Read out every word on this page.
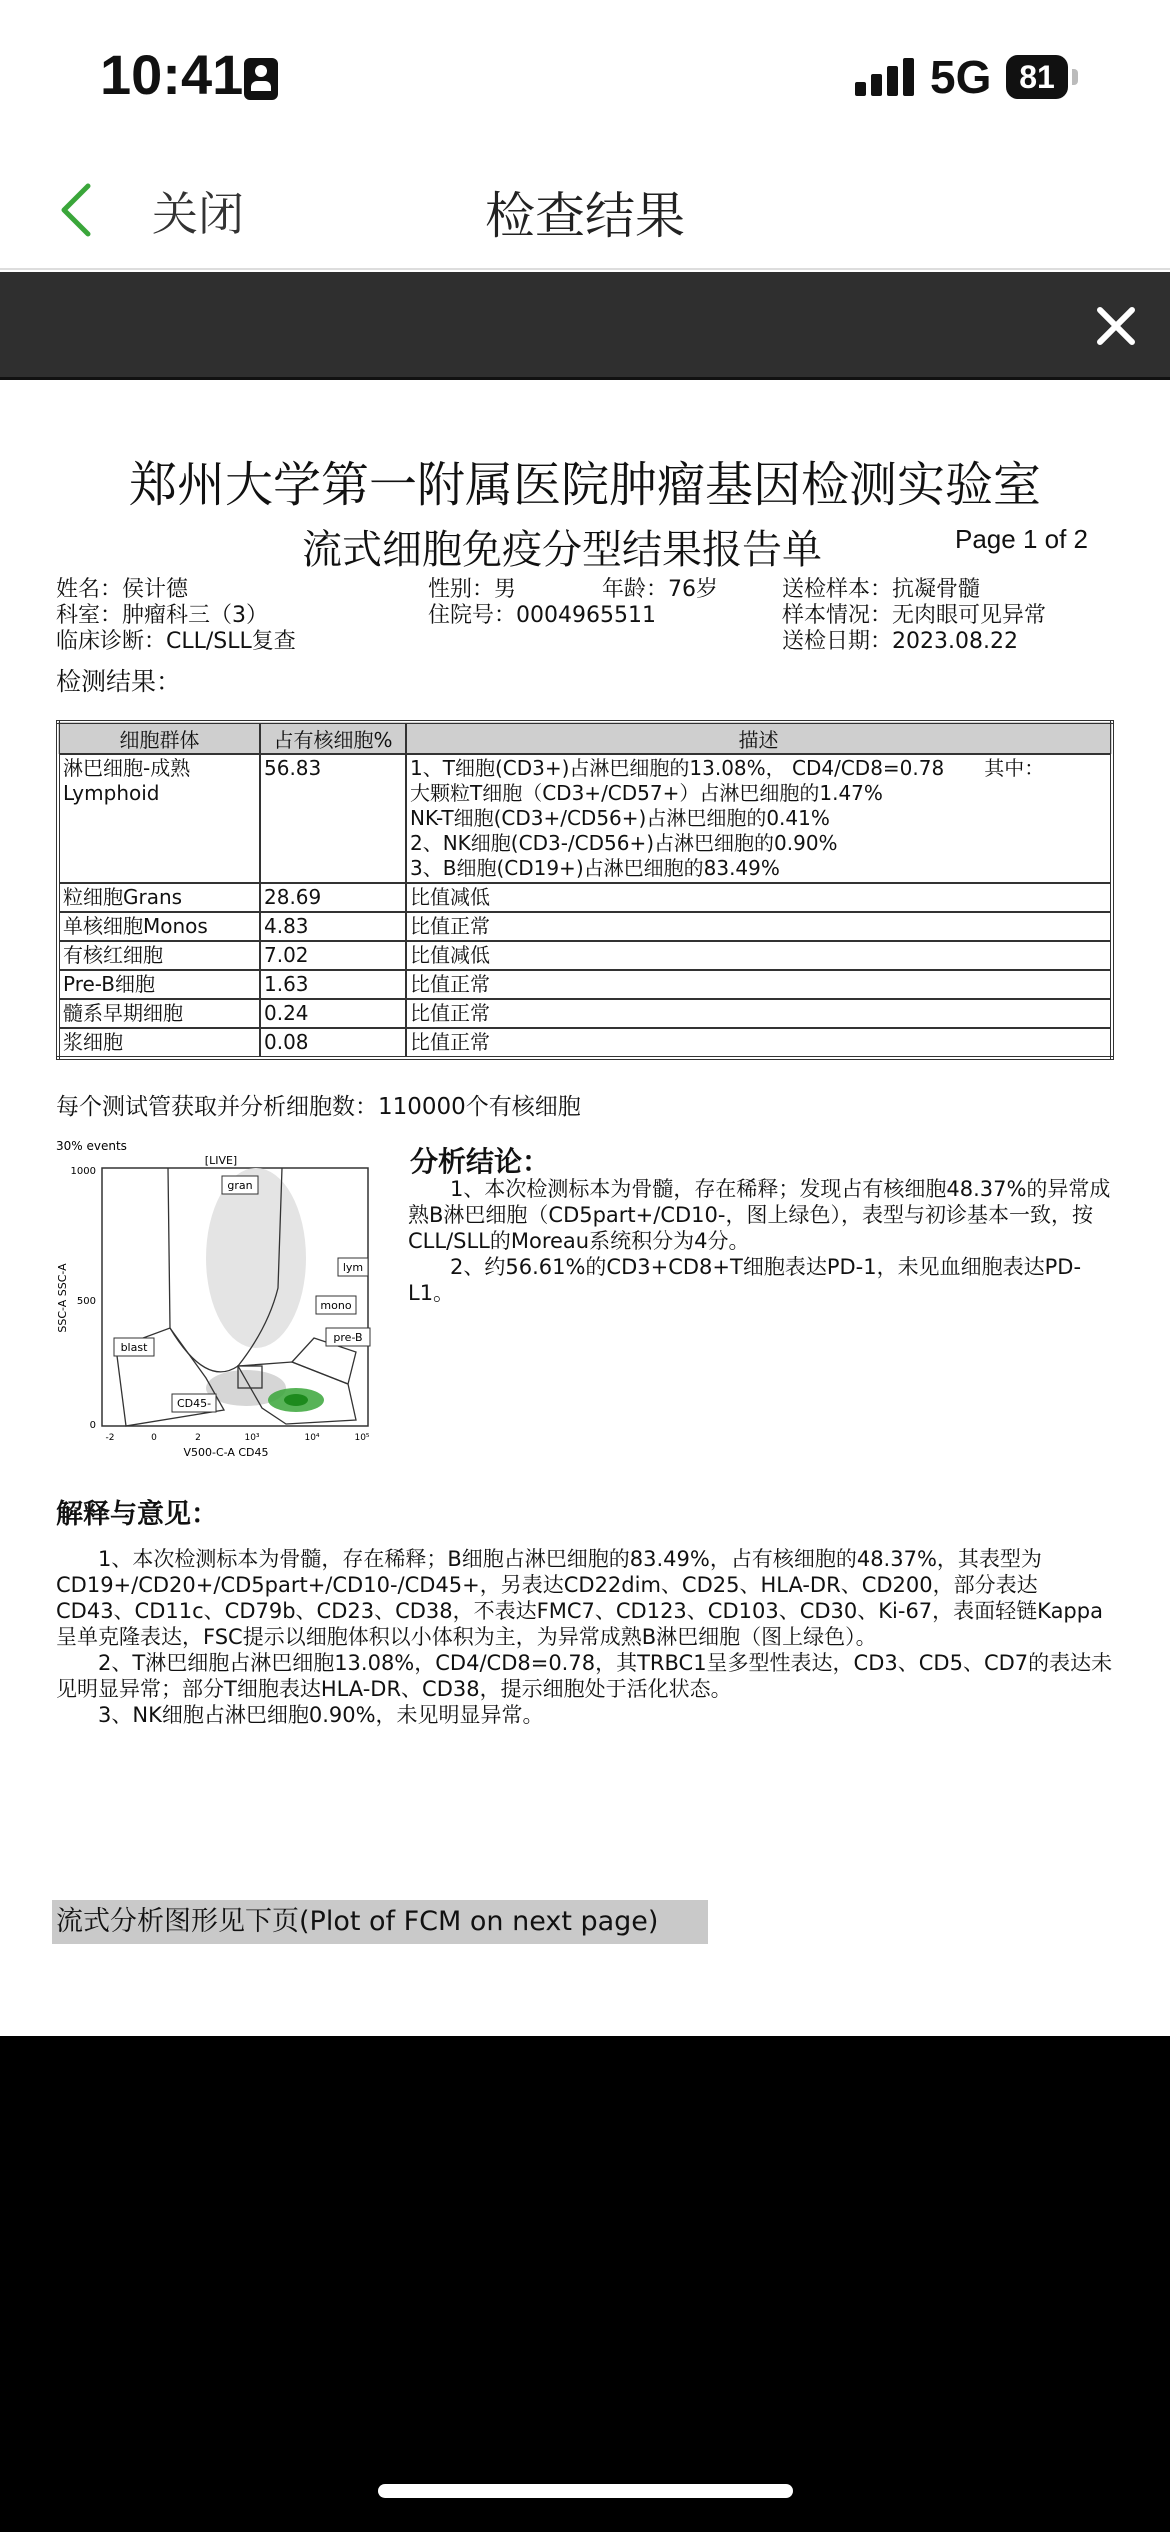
10:41	5G 81
关闭	检查结果
郑州大学第一附属医院肿瘤基因检测实验室
流式细胞免疫分型结果报告单	Page 1 of 2
姓名：侯计德	性别：男	年龄：76岁	送检样本：抗凝骨髓
科室：肿瘤科三（3）	住院号：0004965511	样本情况：无肉眼可见异常
临床诊断：CLL/SLL复查	送检日期：2023.08.22
检测结果：
细胞群体	占有核细胞%	描述
淋巴细胞-成熟 Lymphoid	56.83	1、T细胞(CD3+)占淋巴细胞的13.08%， CD4/CD8=0.78　　其中：
大颗粒T细胞（CD3+/CD57+）占淋巴细胞的1.47%
NK-T细胞(CD3+/CD56+)占淋巴细胞的0.41%
2、NK细胞(CD3-/CD56+)占淋巴细胞的0.90%
3、B细胞(CD19+)占淋巴细胞的83.49%

粒细胞Grans	28.69	比值减低
单核细胞Monos	4.83	比值正常
有核红细胞	7.02	比值减低
Pre-B细胞	1.63	比值正常
髓系早期细胞	0.24	比值正常
浆细胞	0.08	比值正常
每个测试管获取并分析细胞数：110000个有核细胞
30% events
[LIVE]
1000
500
0
-2	0	2	10³	10⁴	10⁵
V500-C-A CD45
SSC-A SSC-A
gran
lym
mono
pre-B
blast
CD45-
分析结论：

1、本次检测标本为骨髓，存在稀释；发现占有核细胞48.37%的异常成熟B淋巴细胞（CD5part+/CD10-，图上绿色），表型与初诊基本一致，按CLL/SLL的Moreau系统积分为4分。

2、约56.61%的CD3+CD8+T细胞表达PD-1，未见血细胞表达PD-L1。

解释与意见：

1、本次检测标本为骨髓，存在稀释；B细胞占淋巴细胞的83.49%，占有核细胞的48.37%，其表型为CD19+/CD20+/CD5part+/CD10-/CD45+，另表达CD22dim、CD25、HLA-DR、CD200，部分表达CD43、CD11c、CD79b、CD23、CD38，不表达FMC7、CD123、CD103、CD30、Ki-67，表面轻链Kappa呈单克隆表达，FSC提示以细胞体积以小体积为主，为异常成熟B淋巴细胞（图上绿色）。

2、T淋巴细胞占淋巴细胞13.08%，CD4/CD8=0.78，其TRBC1呈多型性表达，CD3、CD5、CD7的表达未见明显异常；部分T细胞表达HLA-DR、CD38，提示细胞处于活化状态。

3、NK细胞占淋巴细胞0.90%，未见明显异常。

流式分析图形见下页(Plot of FCM on next page)
